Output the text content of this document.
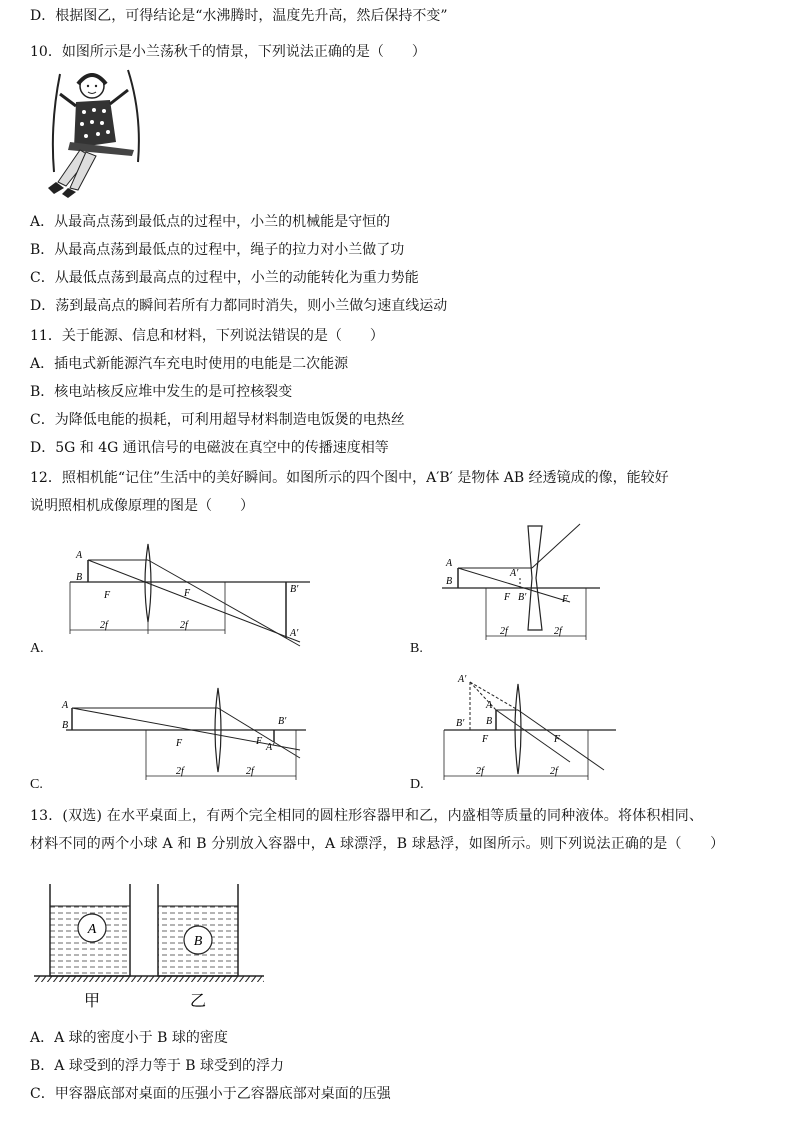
D．根据图乙，可得结论是“水沸腾时，温度先升高，然后保持不变”
10．如图所示是小兰荡秋千的情景，下列说法正确的是（　　）
A．从最高点荡到最低点的过程中，小兰的机械能是守恒的
B．从最高点荡到最低点的过程中，绳子的拉力对小兰做了功
C．从最低点荡到最高点的过程中，小兰的动能转化为重力势能
D．荡到最高点的瞬间若所有力都同时消失，则小兰做匀速直线运动
11．关于能源、信息和材料，下列说法错误的是（　　）
A．插电式新能源汽车充电时使用的电能是二次能源
B．核电站核反应堆中发生的是可控核裂变
C．为降低电能的损耗，可利用超导材料制造电饭煲的电热丝
D．5G 和 4G 通讯信号的电磁波在真空中的传播速度相等
12．照相机能“记住”生活中的美好瞬间。如图所示的四个图中，A′B′ 是物体 AB 经透镜成的像，能较好
说明照相机成像原理的图是（　　）
A
B
F	F	B′
A′
2f	2f
A.
A
B
A′
F B′	F
2f	2f
B.
A
B
F	F
B′
A′
2f	2f
C.
A′
A
B
B′
F	F
2f	2f
D.
13．(双选) 在水平桌面上，有两个完全相同的圆柱形容器甲和乙，内盛相等质量的同种液体。将体积相同、
材料不同的两个小球 A 和 B 分别放入容器中，A 球漂浮，B 球悬浮，如图所示。则下列说法正确的是（　　）
A
B
甲	乙
A．A 球的密度小于 B 球的密度
B．A 球受到的浮力等于 B 球受到的浮力
C．甲容器底部对桌面的压强小于乙容器底部对桌面的压强
